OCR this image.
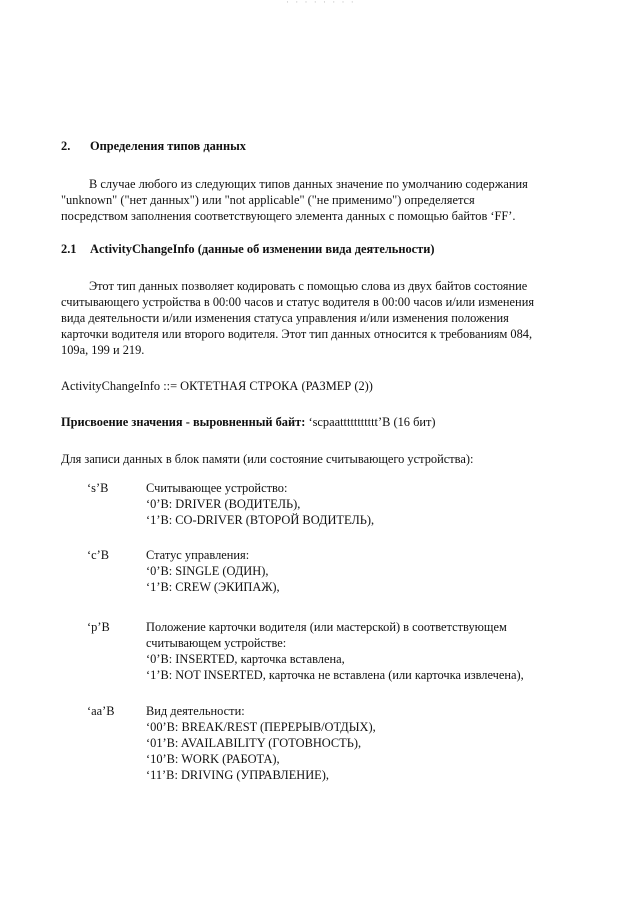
· · · · · · · ·
2. Определения типов данных
В случае любого из следующих типов данных значение по умолчанию содержания
"unknown" ("нет данных") или "not applicable" ("не применимо") определяется
посредством заполнения соответствующего элемента данных с помощью байтов ‘FF’.
2.1 ActivityChangeInfo (данные об изменении вида деятельности)
Этот тип данных позволяет кодировать с помощью слова из двух байтов состояние
считывающего устройства в 00:00 часов и статус водителя в 00:00 часов и/или изменения
вида деятельности и/или изменения статуса управления и/или изменения положения
карточки водителя или второго водителя. Этот тип данных относится к требованиям 084,
109a, 199 и 219.
ActivityChangeInfo ::= ОКТЕТНАЯ СТРОКА (РАЗМЕР (2))
Присвоение значения - выровненный байт: ‘scpaattttttttttt’B (16 бит)
Для записи данных в блок памяти (или состояние считывающего устройства):
‘s’B	Считывающее устройство:
‘0’B: DRIVER (ВОДИТЕЛЬ),
‘1’B: CO-DRIVER (ВТОРОЙ ВОДИТЕЛЬ),
‘c’B	Статус управления:
‘0’B: SINGLE (ОДИН),
‘1’B: CREW (ЭКИПАЖ),
‘p’B	Положение карточки водителя (или мастерской) в соответствующем
считывающем устройстве:
‘0’B: INSERTED, карточка вставлена,
‘1’B: NOT INSERTED, карточка не вставлена (или карточка извлечена),
‘aa’B	Вид деятельности:
‘00’B: BREAK/REST (ПЕРЕРЫВ/ОТДЫХ),
‘01’B: AVAILABILITY (ГОТОВНОСТЬ),
‘10’B: WORK (РАБОТА),
‘11’B: DRIVING (УПРАВЛЕНИЕ),
